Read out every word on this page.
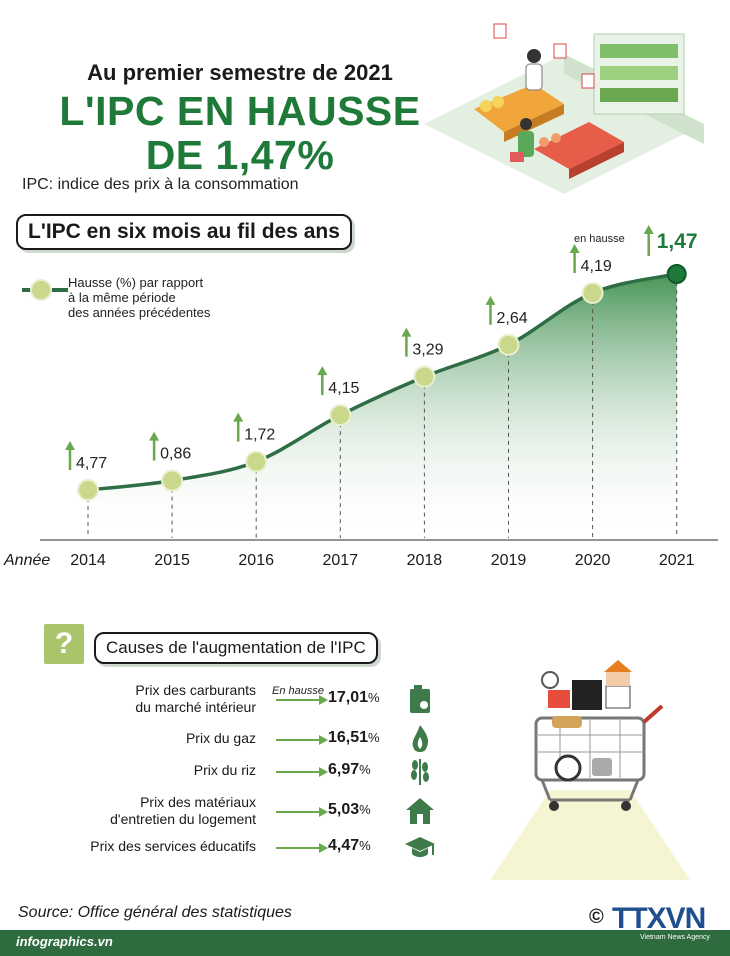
Au premier semestre de 2021
L'IPC EN HAUSSE
DE 1,47%
IPC: indice des prix à la consommation
L'IPC en six mois au fil des ans
Hausse (%) par rapport
à la même période
des années précédentes
4,77
0,86
1,72
4,15
3,29
2,64
4,19
1,47
Année 2014	2015	2016	2017	2018	2019	2020	2021
en hausse
?	Causes de l'augmentation de l'IPC
En hausse
Prix des carburants
du marché intérieur
17,01%
Prix du gaz	16,51%
Prix du riz	6,97%
Prix des matériaux
d'entretien du logement
5,03%
Prix des services éducatifs	4,47%
Source: Office général des statistiques
infographics.vn
© TTXVN
Vietnam News Agency
